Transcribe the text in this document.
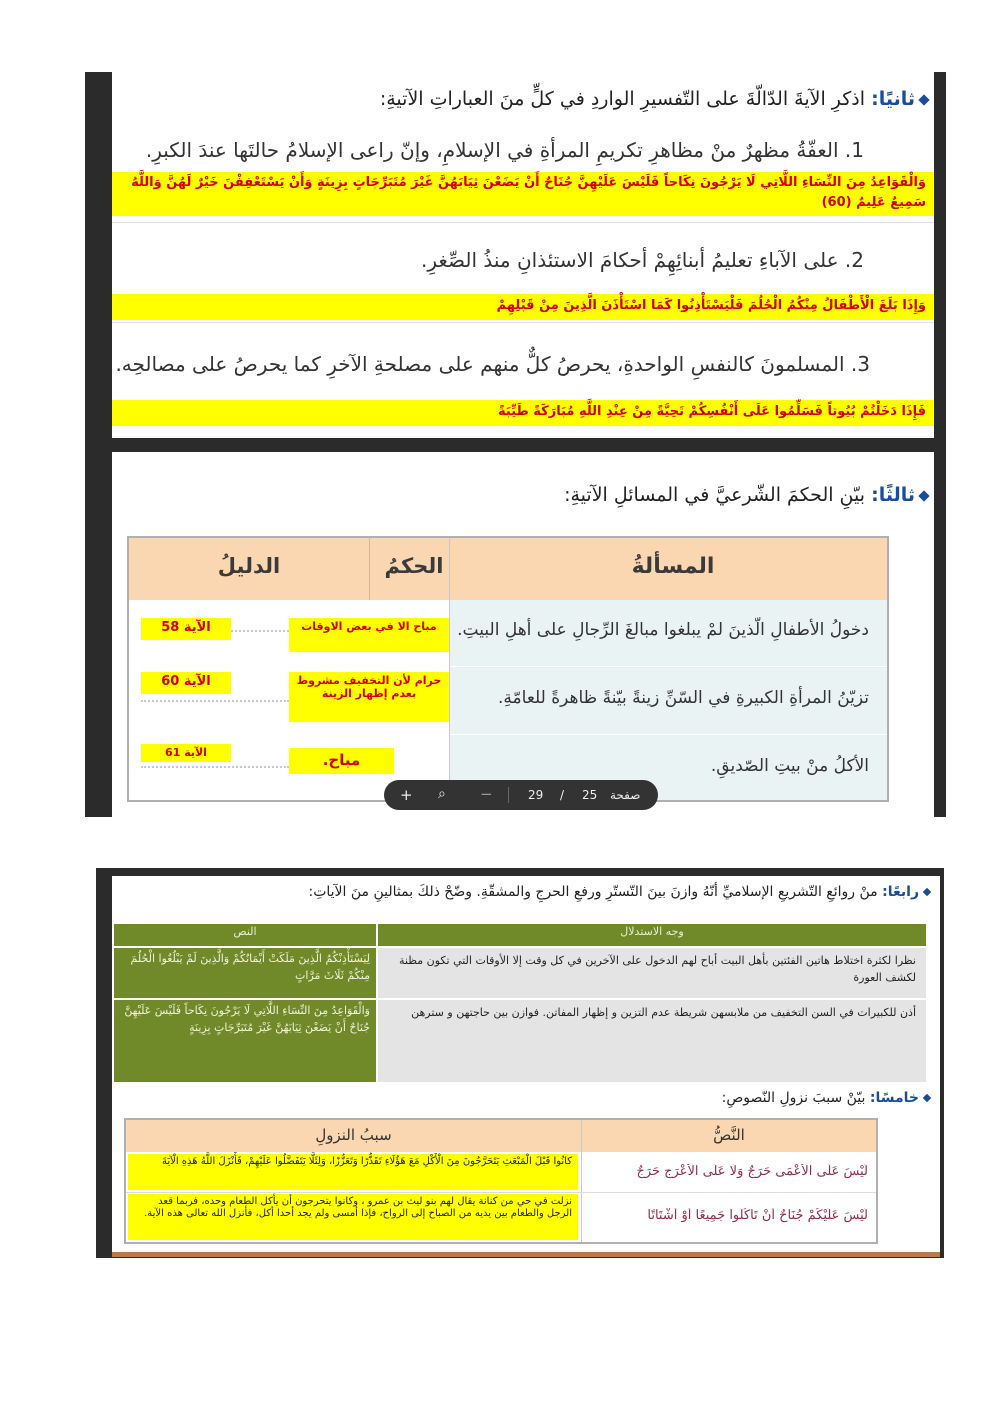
ثانيًا: اذكرِ الآيةَ الدّالّةَ على التّفسيرِ الواردِ في كلٍّ منَ العباراتِ الآتيةِ:
1. العفّةُ مظهرٌ منْ مظاهرِ تكريمِ المرأةِ في الإسلامِ، وإنّ راعى الإسلامُ حالتَها عندَ الكبرِ.
وَالْقَوَاعِدُ مِنَ النِّسَاءِ اللَّاتِي لَا يَرْجُونَ نِكَاحاً فَلَيْسَ عَلَيْهِنَّ جُنَاحٌ أَنْ يَضَعْنَ ثِيَابَهُنَّ غَيْرَ مُتَبَرِّجَاتٍ بِزِينَةٍ وَأَنْ يَسْتَعْفِفْنَ خَيْرٌ لَهُنَّ وَاللَّهُ سَمِيعٌ عَلِيمٌ (60)
2. على الآباءِ تعليمُ أبنائِهِمْ أحكامَ الاستئذانِ منذُ الصِّغرِ.
وَإِذَا بَلَغَ الْأَطْفَالُ مِنْكُمُ الْحُلُمَ فَلْيَسْتَأْذِنُوا كَمَا اسْتَأْذَنَ الَّذِينَ مِنْ قَبْلِهِمْ
3. المسلمونَ كالنفسِ الواحدةِ، يحرصُ كلٌّ منهم على مصلحةِ الآخرِ كما يحرصُ على مصالحِه.
فَإِذَا دَخَلْتُمْ بُيُوتاً فَسَلِّمُوا عَلَى أَنْفُسِكُمْ تَحِيَّةً مِنْ عِنْدِ اللَّهِ مُبَارَكَةً طَيِّبَةً
ثالثًا: بيّنِ الحكمَ الشّرعيَّ في المسائلِ الآتيةِ:
المسألةُ
الحكمُ
الدليلُ
دخولُ الأطفالِ الّذينَ لمْ يبلغوا مبالغَ الرِّجالِ على أهلِ البيتِ.
تزيّنُ المرأةِ الكبيرةِ في السّنِّ زينةً بيّنةً ظاهرةً للعامّةِ.
الأكلُ منْ بيتِ الصّديقِ.
مباح الا في بعض الاوقات
الآية 58
حرام لأن التخفيف مشروط بعدم إظهار الزينة
الآية 60
مباح.
الآية 61
+ ⌕ −	29 / 25 صفحة
رابعًا: منْ روائعِ التّشريعِ الإسلاميِّ أنّهُ وازنَ بينَ التّستّرِ ورفعِ الحرجِ والمشقّةِ. وضّحْ ذلكَ بمثالينِ منَ الآياتِ:
النص	وجه الاستدلال
لِيَسْتَأْذِنْكُمُ الَّذِينَ مَلَكَتْ أَيْمَانُكُمْ وَالَّذِينَ لَمْ يَبْلُغُوا الْحُلُمَ مِنْكُمْ ثَلَاثَ مَرَّاتٍ
نظرا لكثرة اختلاط هاتين الفئتين بأهل البيت أباح لهم الدخول على الآخرين في كل وقت إلا الأوقات التي تكون مظنة لكشف العورة
وَالْقَوَاعِدُ مِنَ النِّسَاءِ اللَّاتِي لَا يَرْجُونَ نِكَاحاً فَلَيْسَ عَلَيْهِنَّ جُنَاحٌ أَنْ يَضَعْنَ ثِيَابَهُنَّ غَيْرَ مُتَبَرِّجَاتٍ بِزِينَةٍ
أذن للكبيرات في السن التخفيف من ملابسهن شريطة عدم التزين و إظهار المفاتن. فوازن بين حاجتهن و سترهن
خامسًا: بيّنْ سببَ نزولِ النّصوصِ:
النَّصُّ
سببُ النزولِ
لَيْسَ عَلَى الْأَعْمَى حَرَجٌ وَلَا عَلَى الْأَعْرَجِ حَرَجٌ
كانُوا قَبْلَ الْمَبْعَثِ يَتَحَرَّجُونَ مِنَ الْأَكْلِ مَعَ هَؤُلَاءِ تَقَذُّرًا وَتَعَزُّزًا، وَلِئَلَّا يَتَفَضَّلُوا عَلَيْهِمْ، فَأَنْزَلَ اللَّهُ هَذِهِ الْآيَةَ
لَيْسَ عَلَيْكُمْ جُنَاحٌ أَنْ تَأْكُلُوا جَمِيعًا أَوْ أَشْتَاتًا
نزلت في حي من كنانة يقال لهم بنو ليث بن عمرو ، وكانوا يتحرجون أن يأكل الطعام وحده، فربما قعد الرجل والطعام بين يديه من الصباح إلى الرواح، فإذا أمسى ولم يجد أحدا أكل، فأنزل الله تعالى هذه الآية.
